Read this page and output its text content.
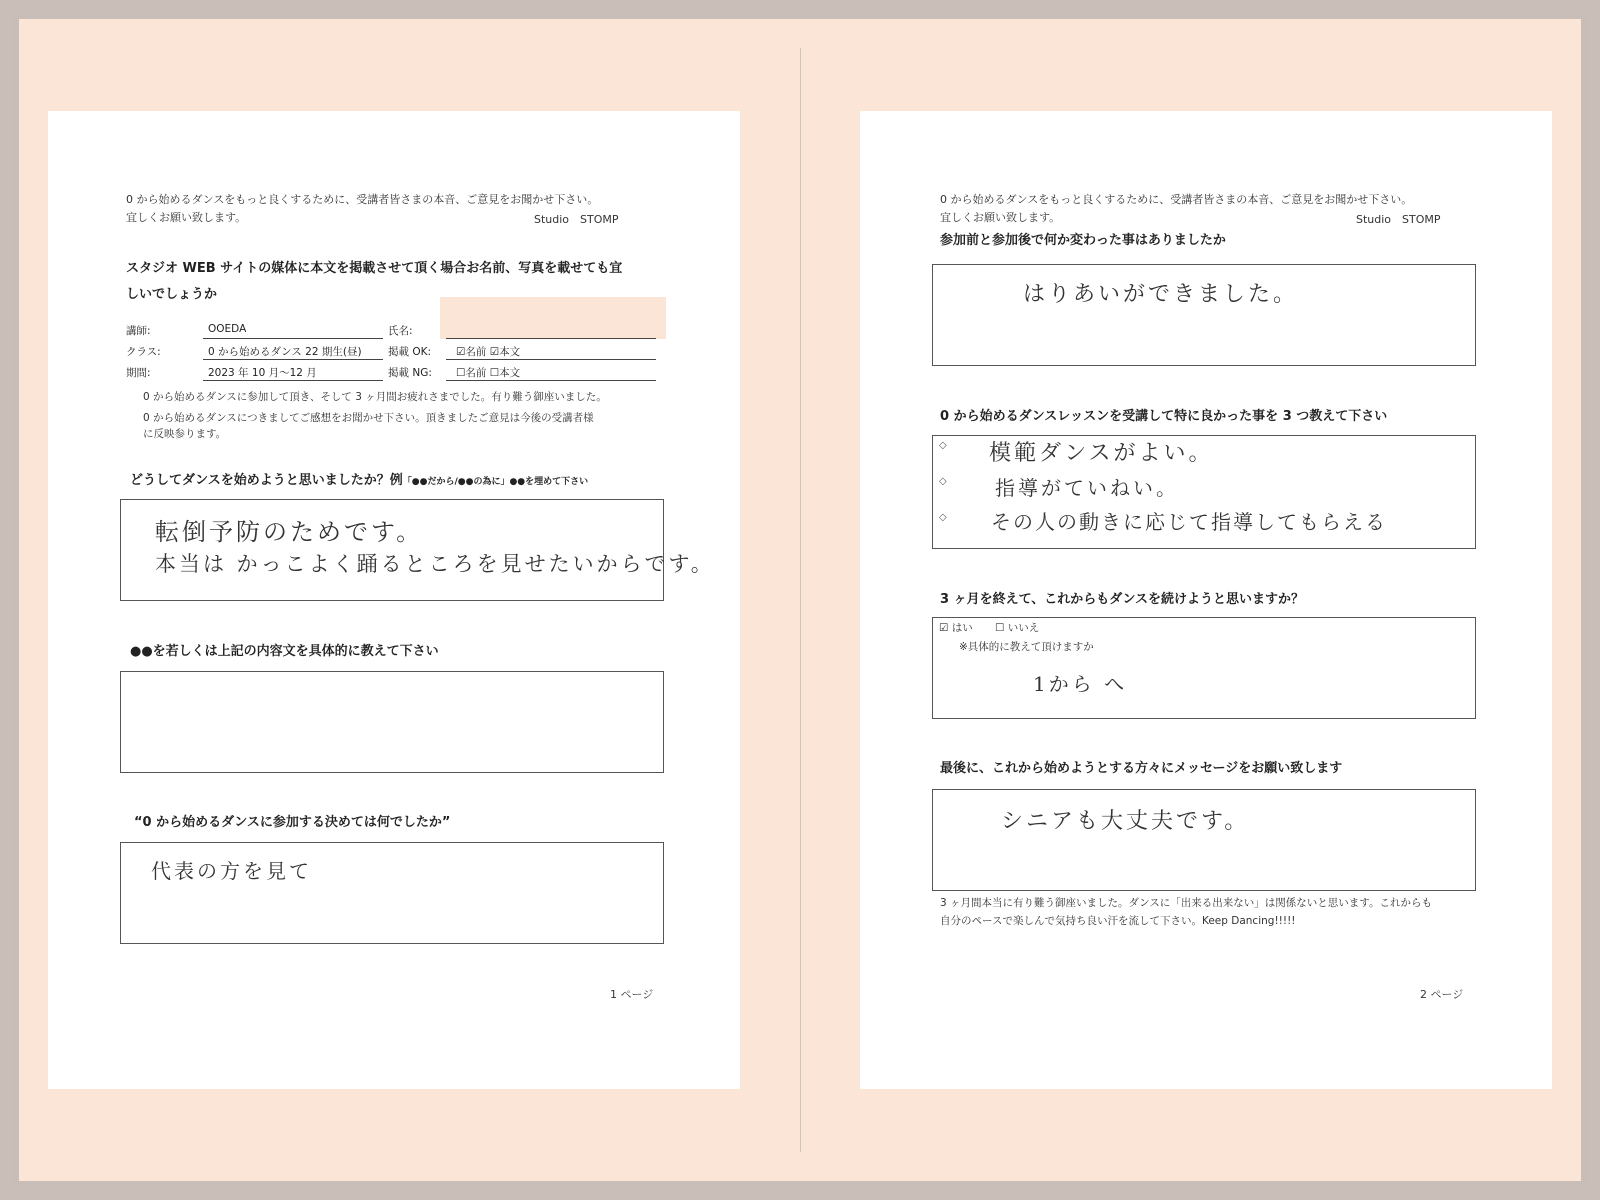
0 から始めるダンスをもっと良くするために、受講者皆さまの本音、ご意見をお聞かせ下さい。
宜しくお願い致します。	Studio　STOMP
スタジオ WEB サイトの媒体に本文を掲載させて頂く場合お名前、写真を載せても宜
しいでしょうか
講師:	OOEDA	氏名:
クラス:	0 から始めるダンス 22 期生(昼)	掲載 OK: ☑名前 ☑本文
期間:	2023 年 10 月〜12 月	掲載 NG: ☐名前 ☐本文
0 から始めるダンスに参加して頂き、そして 3 ヶ月間お疲れさまでした。有り難う御座いました。
0 から始めるダンスにつきましてご感想をお聞かせ下さい。頂きましたご意見は今後の受講者様
に反映参ります。
どうしてダンスを始めようと思いましたか？例「●●だから/●●の為に」●●を埋めて下さい
転倒予防のためです。
本当は かっこよく踊るところを見せたいからです。
●●を若しくは上記の内容文を具体的に教えて下さい
“0 から始めるダンスに参加する決めては何でしたか”
代表の方を見て
1 ページ
0 から始めるダンスをもっと良くするために、受講者皆さまの本音、ご意見をお聞かせ下さい。
宜しくお願い致します。	Studio　STOMP
参加前と参加後で何か変わった事はありましたか
はりあいができました。
0 から始めるダンスレッスンを受講して特に良かった事を 3 つ教えて下さい
◇ 模範ダンスがよい。
◇ 指導がていねい。
◇ その人の動きに応じて指導してもらえる
3 ヶ月を終えて、これからもダンスを続けようと思いますか？
☑ はい ☐ いいえ
※具体的に教えて頂けますか
1から へ
最後に、これから始めようとする方々にメッセージをお願い致します
シニアも大丈夫です。
3 ヶ月間本当に有り難う御座いました。ダンスに「出来る出来ない」は関係ないと思います。これからも
自分のペースで楽しんで気持ち良い汗を流して下さい。Keep Dancing!!!!!
2 ページ
